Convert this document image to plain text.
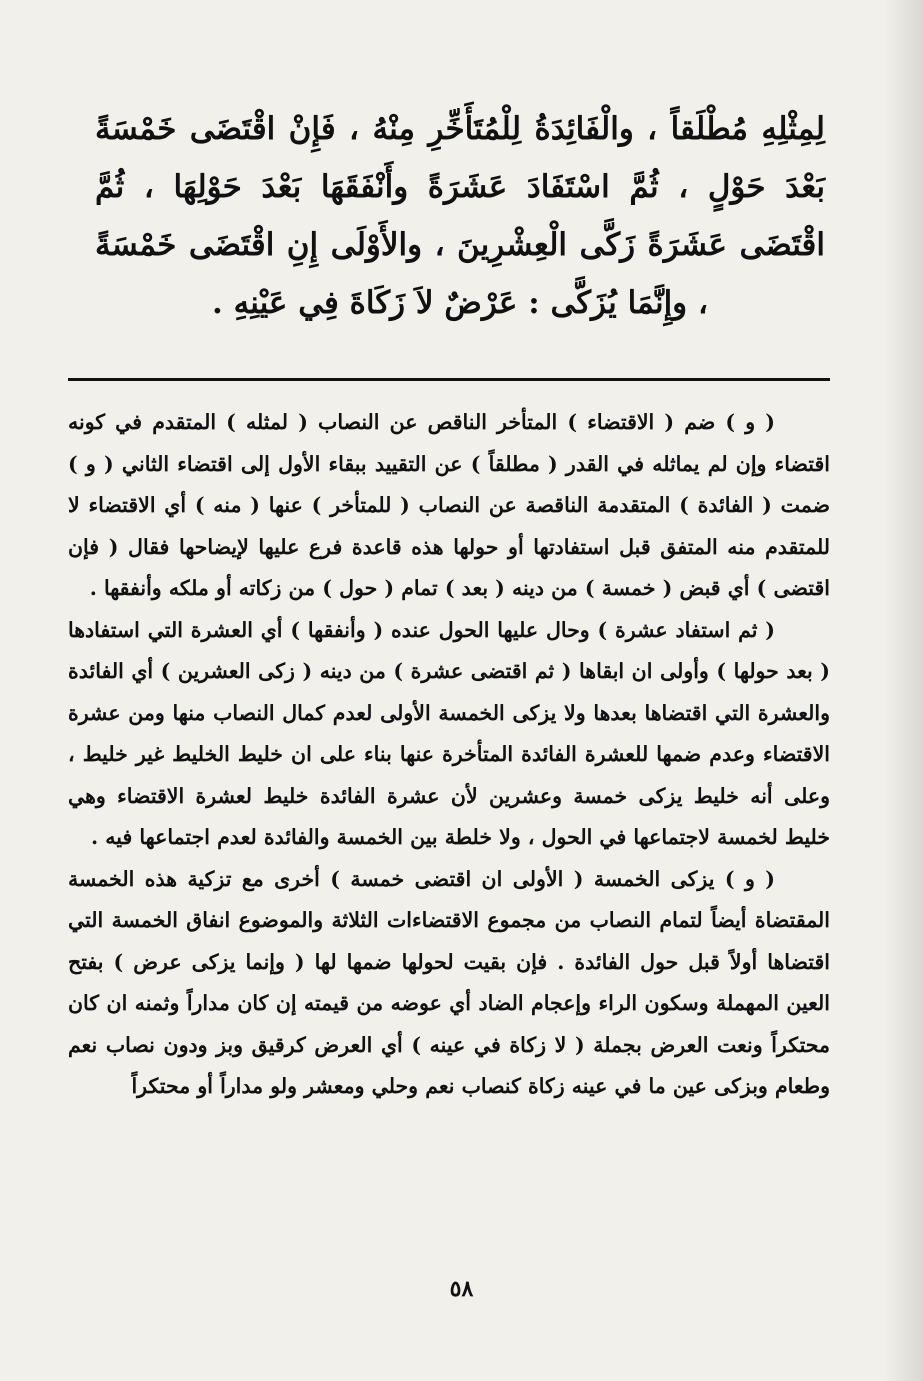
لِمِثْلِهِ مُطْلَقاً ، والْفَائِدَةُ لِلْمُتَأَخِّرِ مِنْهُ ، فَإِنْ اقْتَضَى خَمْسَةً بَعْدَ حَوْلٍ ، ثُمَّ اسْتَفَادَ عَشَرَةً وأَنْفَقَهَا بَعْدَ حَوْلِهَا ، ثُمَّ اقْتَضَى عَشَرَةً زَكَّى الْعِشْرِينَ ، والأَوْلَى إِنِ اقْتَضَى خَمْسَةً ، وإِنَّمَا يُزَكَّى : عَرْضٌ لاَ زَكَاةَ فِي عَيْنِهِ .

( و ) ضم ( الاقتضاء ) المتأخر الناقص عن النصاب ( لمثله ) المتقدم في كونه اقتضاء وإن لم يماثله في القدر ( مطلقاً ) عن التقييد ببقاء الأول إلى اقتضاء الثاني ( و ) ضمت ( الفائدة ) المتقدمة الناقصة عن النصاب ( للمتأخر ) عنها ( منه ) أي الاقتضاء لا للمتقدم منه المتفق قبل استفادتها أو حولها هذه قاعدة فرع عليها لإيضاحها فقال ( فإن اقتضى ) أي قبض ( خمسة ) من دينه ( بعد ) تمام ( حول ) من زكاته أو ملكه وأنفقها .

( ثم استفاد عشرة ) وحال عليها الحول عنده ( وأنفقها ) أي العشرة التي استفادها ( بعد حولها ) وأولى ان ابقاها ( ثم اقتضى عشرة ) من دينه ( زكى العشرين ) أي الفائدة والعشرة التي اقتضاها بعدها ولا يزكى الخمسة الأولى لعدم كمال النصاب منها ومن عشرة الاقتضاء وعدم ضمها للعشرة الفائدة المتأخرة عنها بناء على ان خليط الخليط غير خليط ، وعلى أنه خليط يزكى خمسة وعشرين لأن عشرة الفائدة خليط لعشرة الاقتضاء وهي خليط لخمسة لاجتماعها في الحول ، ولا خلطة بين الخمسة والفائدة لعدم اجتماعها فيه .

( و ) يزكى الخمسة ( الأولى ان اقتضى خمسة ) أخرى مع تزكية هذه الخمسة المقتضاة أيضاً لتمام النصاب من مجموع الاقتضاءات الثلاثة والموضوع انفاق الخمسة التي اقتضاها أولاً قبل حول الفائدة . فإن بقيت لحولها ضمها لها ( وإنما يزكى عرض ) بفتح العين المهملة وسكون الراء وإعجام الضاد أي عوضه من قيمته إن كان مداراً وثمنه ان كان محتكراً ونعت العرض بجملة ( لا زكاة في عينه ) أي العرض كرقيق وبز ودون نصاب نعم وطعام وبزكى عين ما في عينه زكاة كنصاب نعم وحلي ومعشر ولو مداراً أو محتكراً

٥٨
